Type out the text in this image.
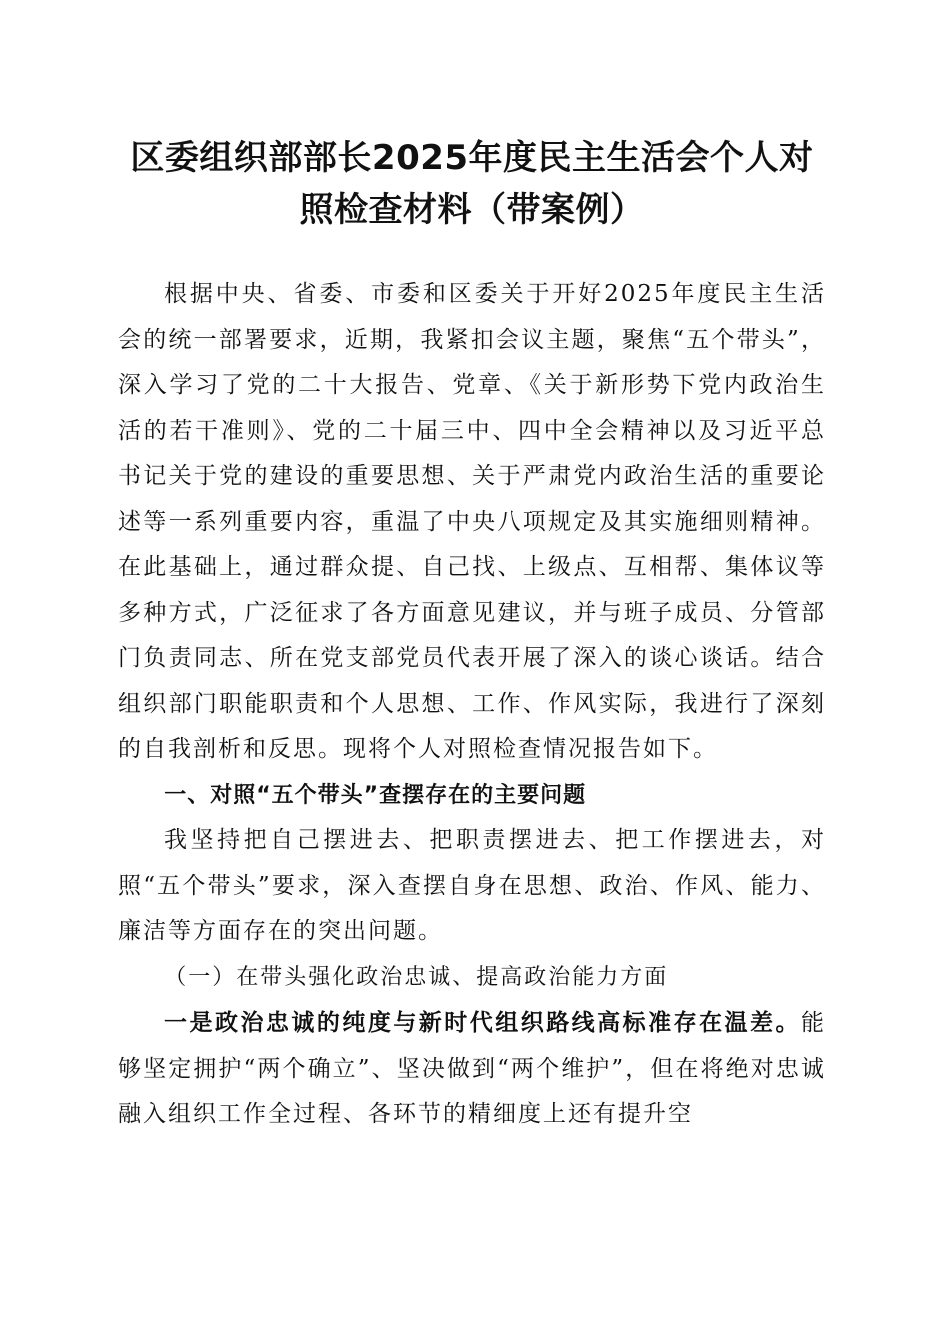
区委组织部部长2025年度民主生活会个人对
照检查材料（带案例）

根据中央、省委、市委和区委关于开好2025年度民主生活会的统一部署要求，近期，我紧扣会议主题，聚焦“五个带头”，深入学习了党的二十大报告、党章、《关于新形势下党内政治生活的若干准则》、党的二十届三中、四中全会精神以及习近平总书记关于党的建设的重要思想、关于严肃党内政治生活的重要论述等一系列重要内容，重温了中央八项规定及其实施细则精神。在此基础上，通过群众提、自己找、上级点、互相帮、集体议等多种方式，广泛征求了各方面意见建议，并与班子成员、分管部门负责同志、所在党支部党员代表开展了深入的谈心谈话。结合组织部门职能职责和个人思想、工作、作风实际，我进行了深刻的自我剖析和反思。现将个人对照检查情况报告如下。

一、对照“五个带头”查摆存在的主要问题

我坚持把自己摆进去、把职责摆进去、把工作摆进去，对照“五个带头”要求，深入查摆自身在思想、政治、作风、能力、廉洁等方面存在的突出问题。

（一）在带头强化政治忠诚、提高政治能力方面

一是政治忠诚的纯度与新时代组织路线高标准存在温差。能够坚定拥护“两个确立”、坚决做到“两个维护”，但在将绝对忠诚融入组织工作全过程、各环节的精细度上还有提升空
